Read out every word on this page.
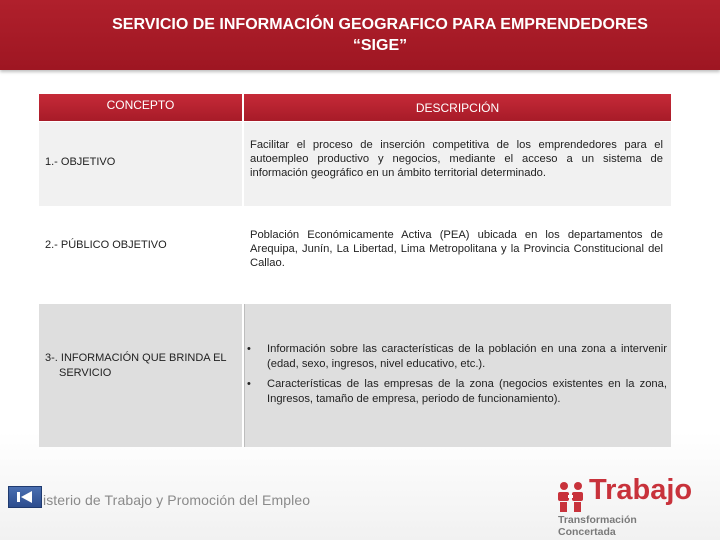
SERVICIO DE INFORMACIÓN GEOGRAFICO PARA EMPRENDEDORES
“SIGE”
CONCEPTO	DESCRIPCIÓN
1.- OBJETIVO
Facilitar el proceso de inserción competitiva de los emprendedores para el autoempleo productivo y negocios, mediante el acceso a un sistema de información geográfico en un ámbito territorial determinado.
2.- PÚBLICO OBJETIVO
Población Económicamente Activa (PEA) ubicada en los departamentos de Arequipa, Junín, La Libertad, Lima Metropolitana y la Provincia Constitucional del Callao.
3-. INFORMACIÓN QUE BRINDA EL
SERVICIO
• Información sobre las características de la población en una zona a intervenir (edad, sexo, ingresos, nivel educativo, etc.).
• Características de las empresas de la zona (negocios existentes en la zona, Ingresos, tamaño de empresa, periodo de funcionamiento).
isterio de Trabajo y Promoción del Empleo	Trabajo
Transformación Concertada
